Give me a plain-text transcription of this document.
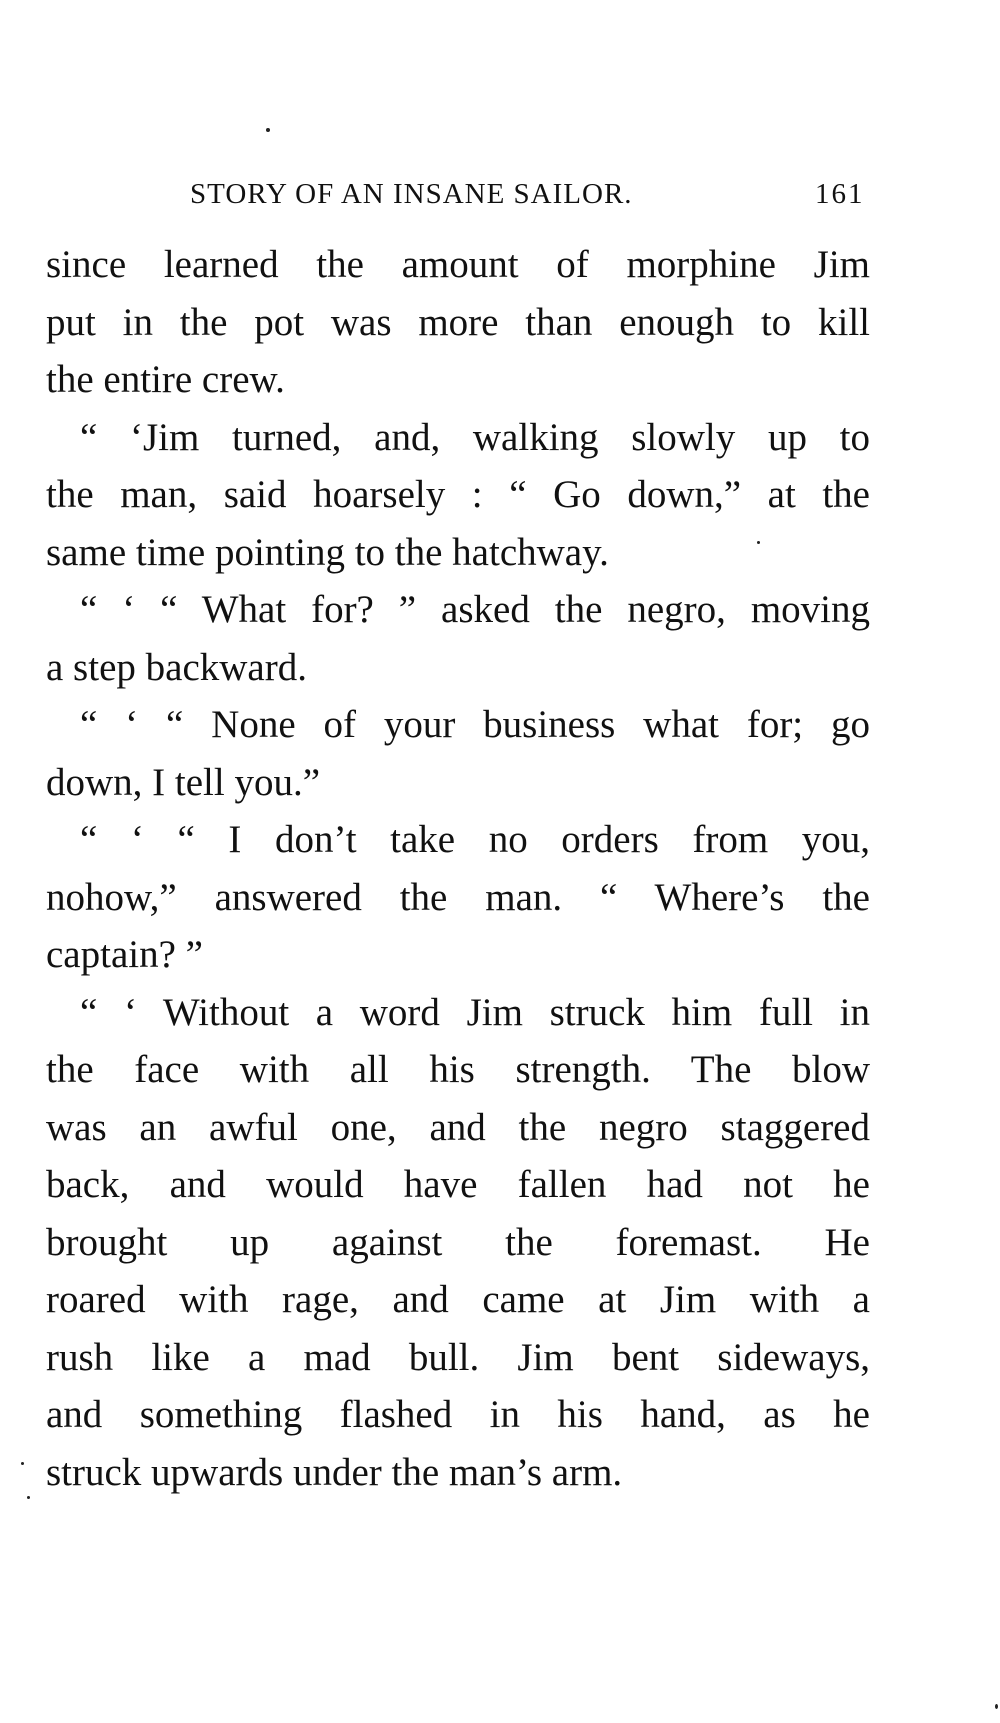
STORY OF AN INSANE SAILOR.	161
since learned the amount of morphine Jim
put in the pot was more than enough to kill
the entire crew.
“ ‘Jim turned, and, walking slowly up to
the man, said hoarsely : “ Go down,” at the
same time pointing to the hatchway.
“ ‘ “ What for? ” asked the negro, moving
a step backward.
“ ‘ “ None of your business what for; go
down, I tell you.”
“ ‘ “ I don’t take no orders from you,
nohow,” answered the man. “ Where’s the
captain? ”
“ ‘ Without a word Jim struck him full in
the face with all his strength. The blow
was an awful one, and the negro staggered
back, and would have fallen had not he
brought up against the foremast. He
roared with rage, and came at Jim with a
rush like a mad bull. Jim bent sideways,
and something flashed in his hand, as he
struck upwards under the man’s arm.
